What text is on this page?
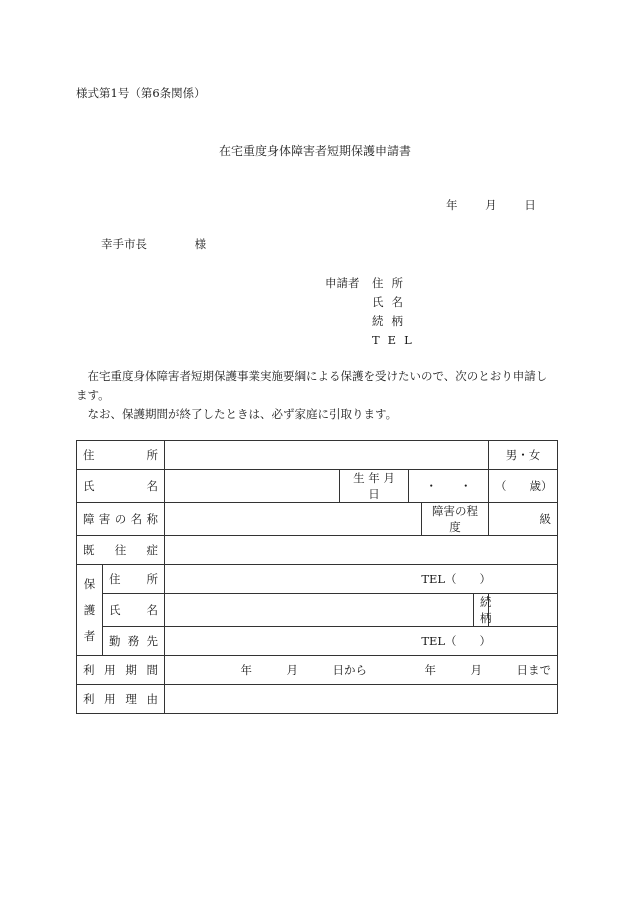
様式第1号（第6条関係）
在宅重度身体障害者短期保護申請書
年 月 日
幸手市長	様
申請者 住所
氏名
続柄
TEL

在宅重度身体障害者短期保護事業実施要綱による保護を受けたいので、次のとおり申請します。

なお、保護期間が終了したときは、必ず家庭に引取ります。

住　　所							男・女
氏　　名			生 年 月 日	・　　・			（　　歳）
障害の名称					障害の程度		級
既 往 症							
保
護
者	住　所	TEL（　　）					
	氏　名					続　柄	
	勤務先	TEL（　　）					
利用期間		年　　　月　　　日から　　　　　年　　　月　　　日まで					
利用理由							
